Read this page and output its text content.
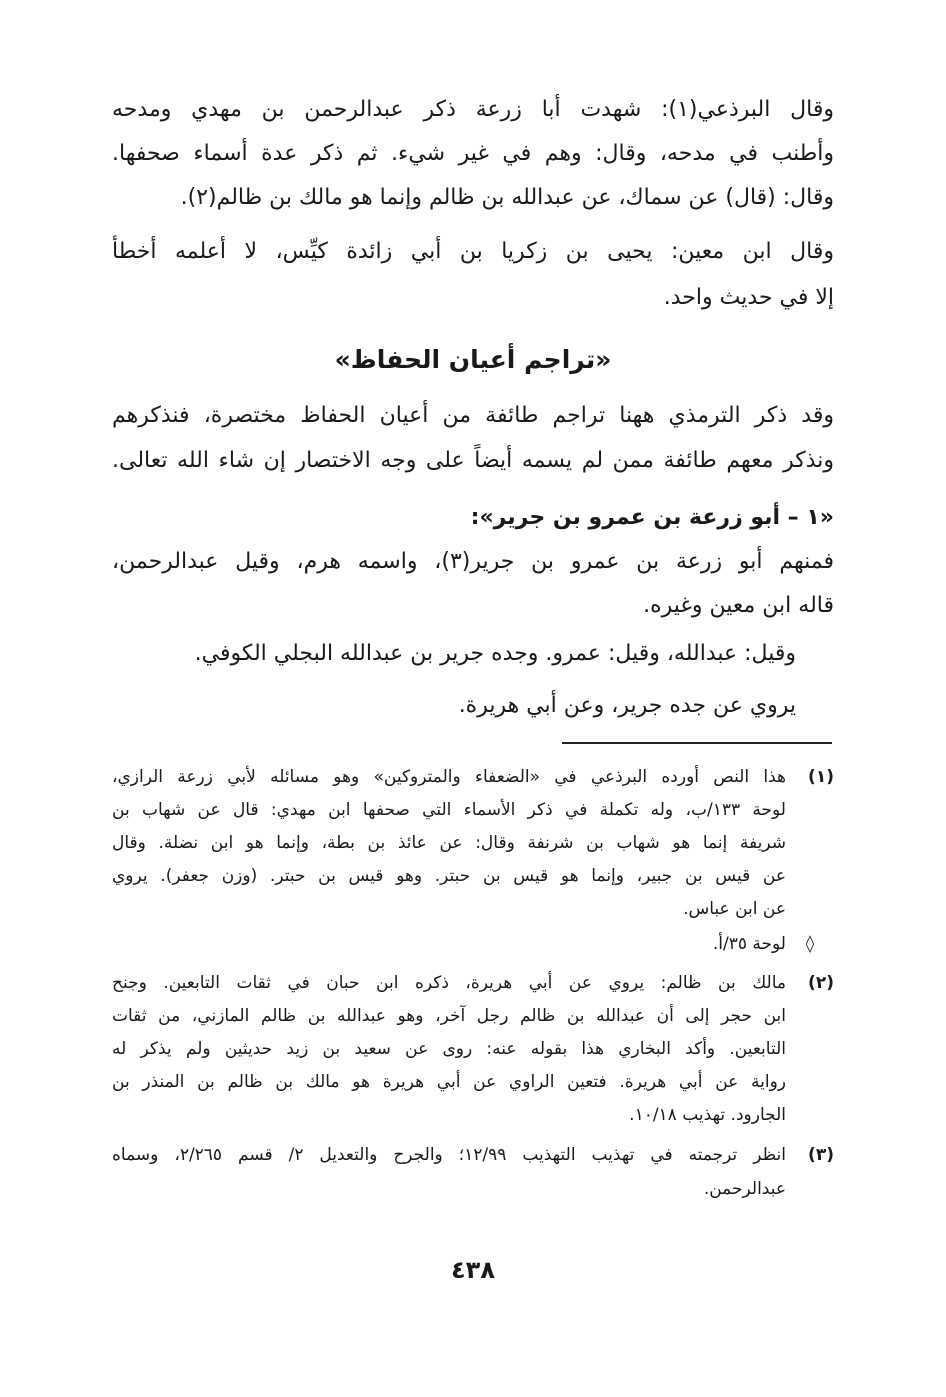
وقال البرذعي(١): شهدت أبا زرعة ذكر عبدالرحمن بن مهدي ومدحه
وأطنب في مدحه، وقال: وهم في غير شيء. ثم ذكر عدة أسماء صحفها.
وقال: (قال) عن سماك، عن عبدالله بن ظالم وإنما هو مالك بن ظالم(٢).
وقال ابن معين: يحيى بن زكريا بن أبي زائدة كيِّس، لا أعلمه أخطأ
إلا في حديث واحد.
«تراجم أعيان الحفاظ»
وقد ذكر الترمذي ههنا تراجم طائفة من أعيان الحفاظ مختصرة، فنذكرهم
ونذكر معهم طائفة ممن لم يسمه أيضاً على وجه الاختصار إن شاء الله تعالى.
«١ – أبو زرعة بن عمرو بن جرير»:
فمنهم أبو زرعة بن عمرو بن جرير(٣)، واسمه هرم، وقيل عبدالرحمن،
قاله ابن معين وغيره.
وقيل: عبدالله، وقيل: عمرو. وجده جرير بن عبدالله البجلي الكوفي.
يروي عن جده جرير، وعن أبي هريرة.
(١)
هذا النص أورده البرذعي في «الضعفاء والمتروكين» وهو مسائله لأبي زرعة الرازي،
لوحة ١٣٣/ب، وله تكملة في ذكر الأسماء التي صحفها ابن مهدي: قال عن شهاب بن
شريفة إنما هو شهاب بن شرنفة وقال: عن عائذ بن بطة، وإنما هو ابن نضلة. وقال
عن قيس بن جبير، وإنما هو قيس بن حبتر. وهو قيس بن حبتر. (وزن جعفر). يروي
عن ابن عباس.
◊
لوحة ٣٥/أ.
(٢)
مالك بن ظالم: يروي عن أبي هريرة، ذكره ابن حبان في ثقات التابعين. وجنح
ابن حجر إلى أن عبدالله بن ظالم رجل آخر، وهو عبدالله بن ظالم المازني، من ثقات
التابعين. وأكد البخاري هذا بقوله عنه: روى عن سعيد بن زيد حديثين ولم يذكر له
رواية عن أبي هريرة. فتعين الراوي عن أبي هريرة هو مالك بن ظالم بن المنذر بن
الجارود. تهذيب ١٠/١٨.
(٣)
انظر ترجمته في تهذيب التهذيب ١٢/٩٩؛ والجرح والتعديل ٢/ قسم ٢/٢٦٥، وسماه
عبدالرحمن.
٤٣٨
